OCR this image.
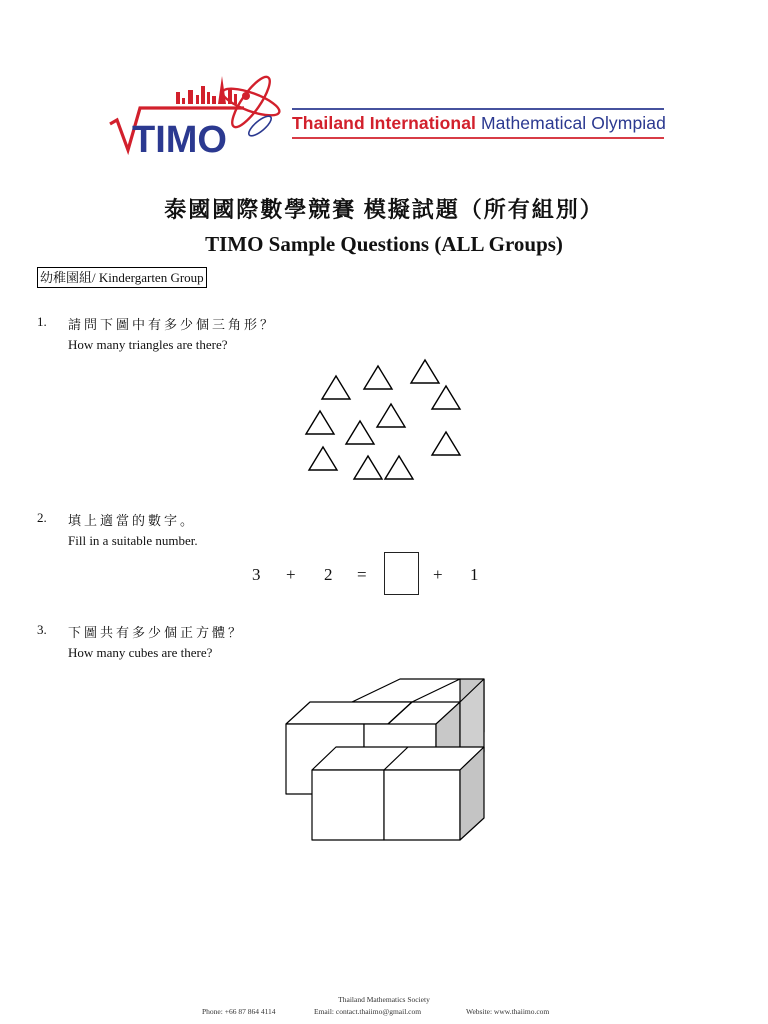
TIMO	Thailand International Mathematical Olympiad
泰國國際數學競賽 模擬試題（所有組別）
TIMO Sample Questions (ALL Groups)
幼稚園組/ Kindergarten Group
1. 請問下圖中有多少個三角形？
How many triangles are there?
2. 填上適當的數字。
Fill in a suitable number.
3 + 2 =	+ 1
3. 下圖共有多少個正方體？
How many cubes are there?
Thailand Mathematics Society
Phone: +66 87 864 4114	Email: contact.thaiimo@gmail.com	Website: www.thaiimo.com
